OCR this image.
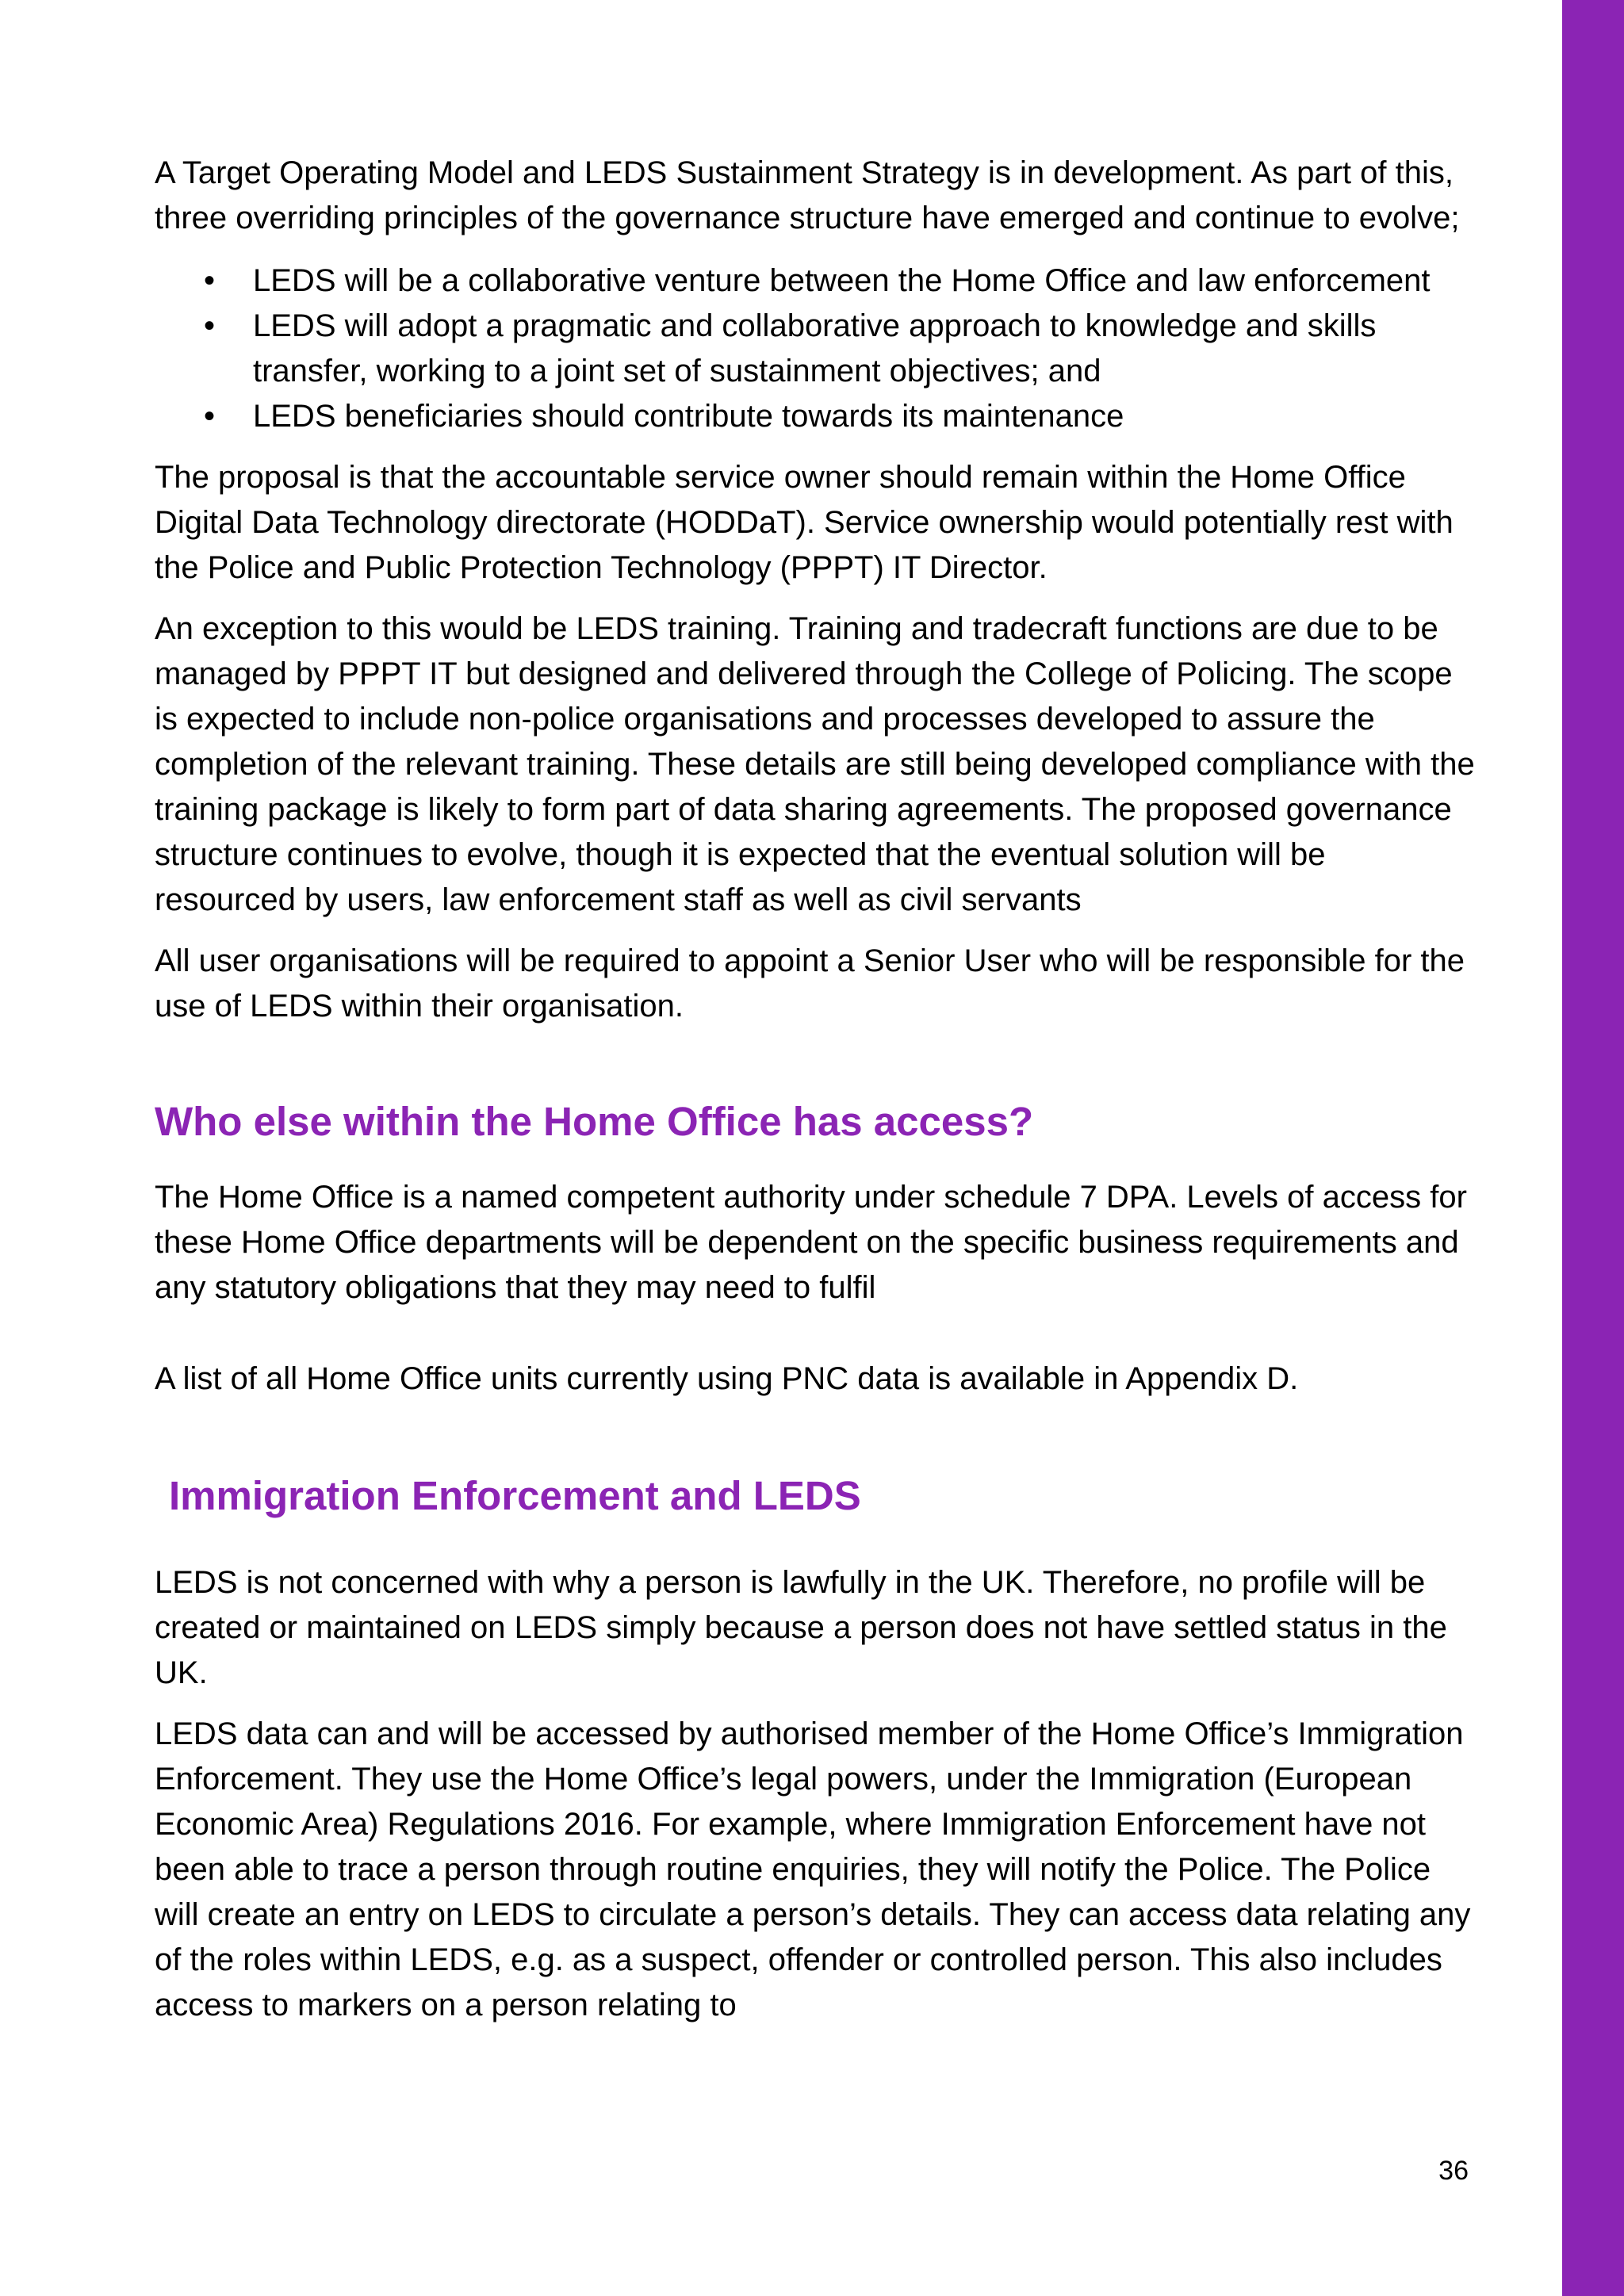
A Target Operating Model and LEDS Sustainment Strategy is in development. As part of this, three overriding principles of the governance structure have emerged and continue to evolve;

• LEDS will be a collaborative venture between the Home Office and law enforcement
• LEDS will adopt a pragmatic and collaborative approach to knowledge and skills transfer, working to a joint set of sustainment objectives; and
• LEDS beneficiaries should contribute towards its maintenance

The proposal is that the accountable service owner should remain within the Home Office Digital Data Technology directorate (HODDaT). Service ownership would potentially rest with the Police and Public Protection Technology (PPPT) IT Director.

An exception to this would be LEDS training. Training and tradecraft functions are due to be managed by PPPT IT but designed and delivered through the College of Policing. The scope is expected to include non-police organisations and processes developed to assure the completion of the relevant training. These details are still being developed compliance with the training package is likely to form part of data sharing agreements. The proposed governance structure continues to evolve, though it is expected that the eventual solution will be resourced by users, law enforcement staff as well as civil servants

All user organisations will be required to appoint a Senior User who will be responsible for the use of LEDS within their organisation.

Who else within the Home Office has access?

The Home Office is a named competent authority under schedule 7 DPA. Levels of access for these Home Office departments will be dependent on the specific business requirements and any statutory obligations that they may need to fulfil

A list of all Home Office units currently using PNC data is available in Appendix D.

Immigration Enforcement and LEDS

LEDS is not concerned with why a person is lawfully in the UK. Therefore, no profile will be created or maintained on LEDS simply because a person does not have settled status in the UK.

LEDS data can and will be accessed by authorised member of the Home Office’s Immigration Enforcement. They use the Home Office’s legal powers, under the Immigration (European Economic Area) Regulations 2016. For example, where Immigration Enforcement have not been able to trace a person through routine enquiries, they will notify the Police. The Police will create an entry on LEDS to circulate a person’s details. They can access data relating any of the roles within LEDS, e.g. as a suspect, offender or controlled person. This also includes access to markers on a person relating to

36
